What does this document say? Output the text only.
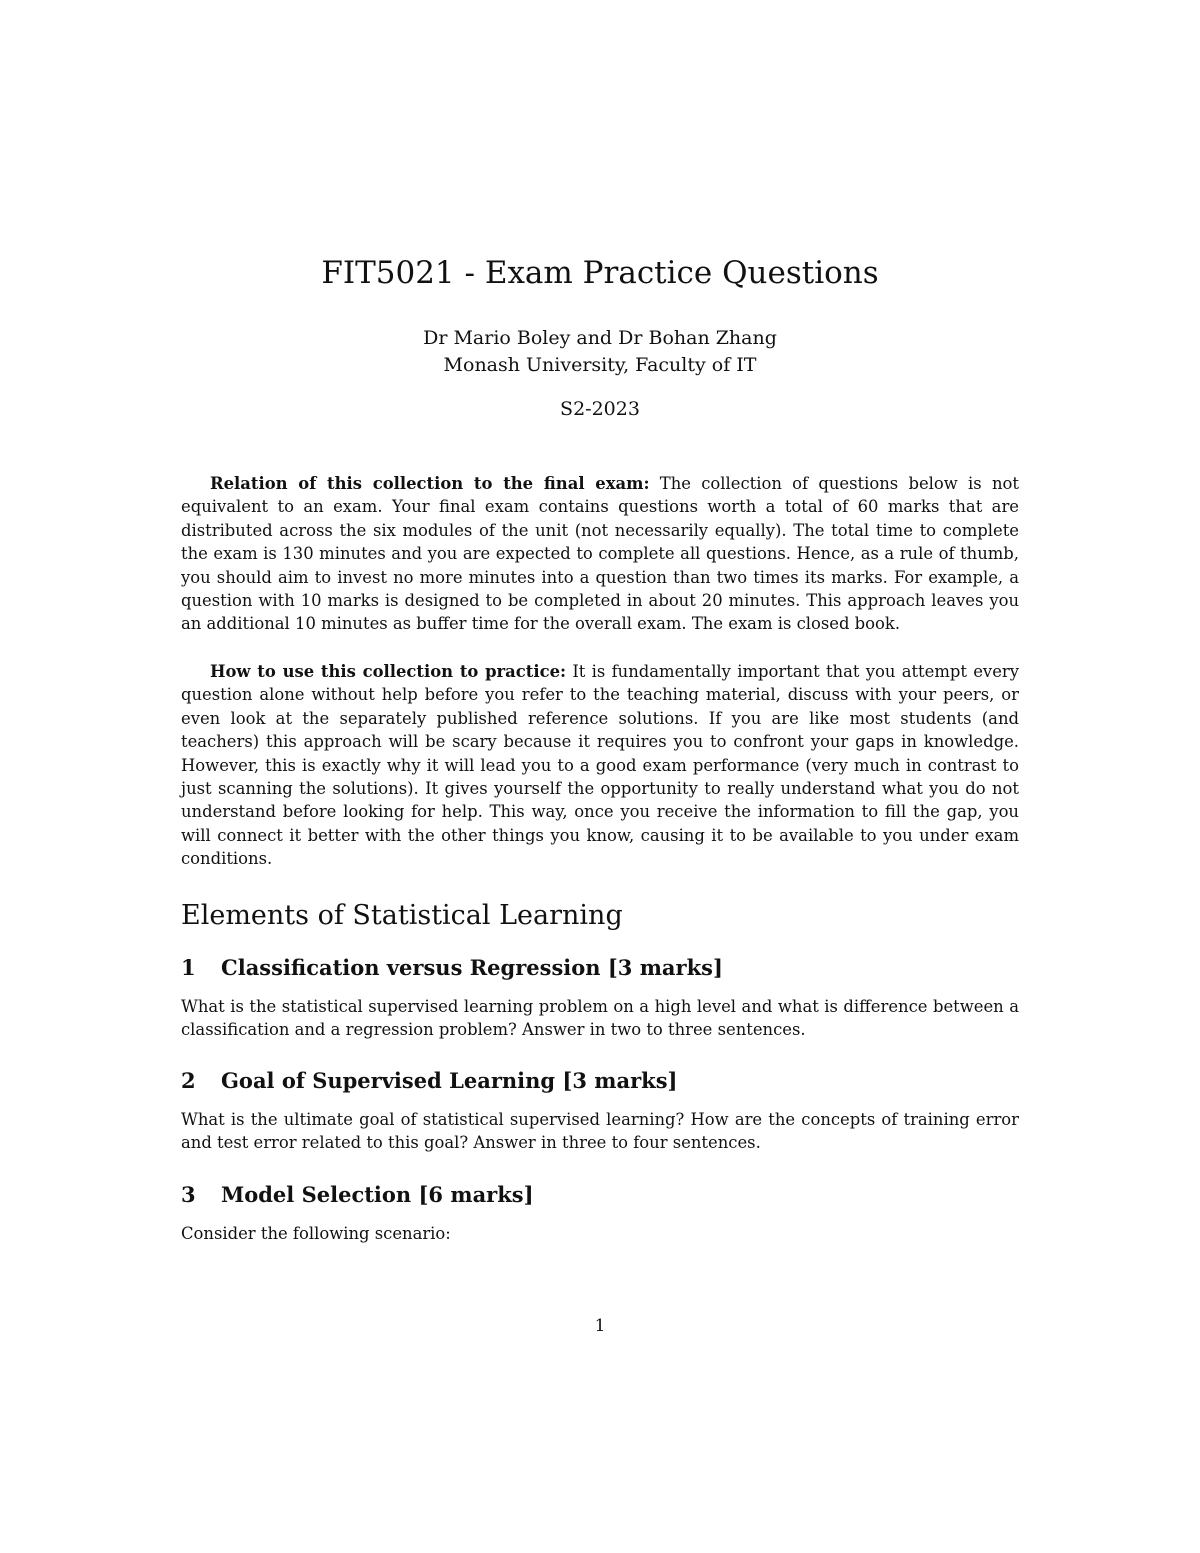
FIT5021 - Exam Practice Questions
Dr Mario Boley and Dr Bohan Zhang
Monash University, Faculty of IT
S2-2023

Relation of this collection to the final exam: The collection of questions below is not equivalent to an exam. Your final exam contains questions worth a total of 60 marks that are distributed across the six modules of the unit (not necessarily equally). The total time to complete the exam is 130 minutes and you are expected to complete all questions. Hence, as a rule of thumb, you should aim to invest no more minutes into a question than two times its marks. For example, a question with 10 marks is designed to be completed in about 20 minutes. This approach leaves you an additional 10 minutes as buffer time for the overall exam. The exam is closed book.

How to use this collection to practice: It is fundamentally important that you attempt every question alone without help before you refer to the teaching material, discuss with your peers, or even look at the separately published reference solutions. If you are like most students (and teachers) this approach will be scary because it requires you to confront your gaps in knowledge. However, this is exactly why it will lead you to a good exam performance (very much in contrast to just scanning the solutions). It gives yourself the opportunity to really understand what you do not understand before looking for help. This way, once you receive the information to fill the gap, you will connect it better with the other things you know, causing it to be available to you under exam conditions.

Elements of Statistical Learning
1 Classification versus Regression [3 marks]

What is the statistical supervised learning problem on a high level and what is difference between a classification and a regression problem? Answer in two to three sentences.

2 Goal of Supervised Learning [3 marks]

What is the ultimate goal of statistical supervised learning? How are the concepts of training error and test error related to this goal? Answer in three to four sentences.

3 Model Selection [6 marks]

Consider the following scenario:

1
